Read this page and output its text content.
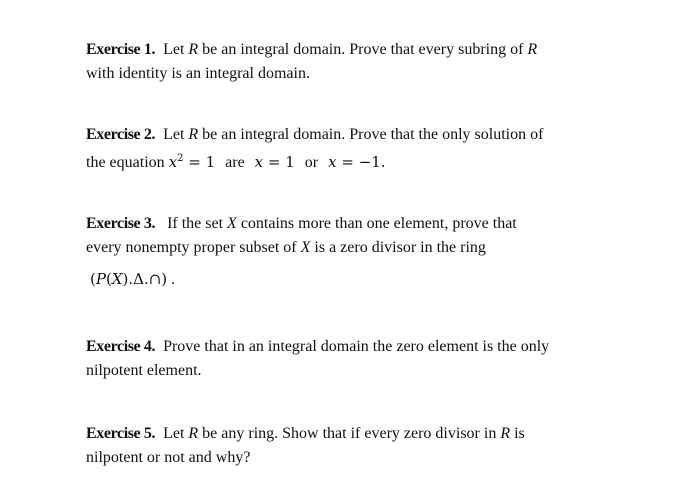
Exercise 1. Let R be an integral domain. Prove that every subring of R
with identity is an integral domain.
Exercise 2. Let R be an integral domain. Prove that the only solution of
the equation $x^2 = 1$ are x = 1 or x = −1.
Exercise 3. If the set X contains more than one element, prove that
every nonempty proper subset of X is a zero divisor in the ring
(P(X).Δ.∩) .
Exercise 4. Prove that in an integral domain the zero element is the only
nilpotent element.
Exercise 5. Let R be any ring. Show that if every zero divisor in R is
nilpotent or not and why?
